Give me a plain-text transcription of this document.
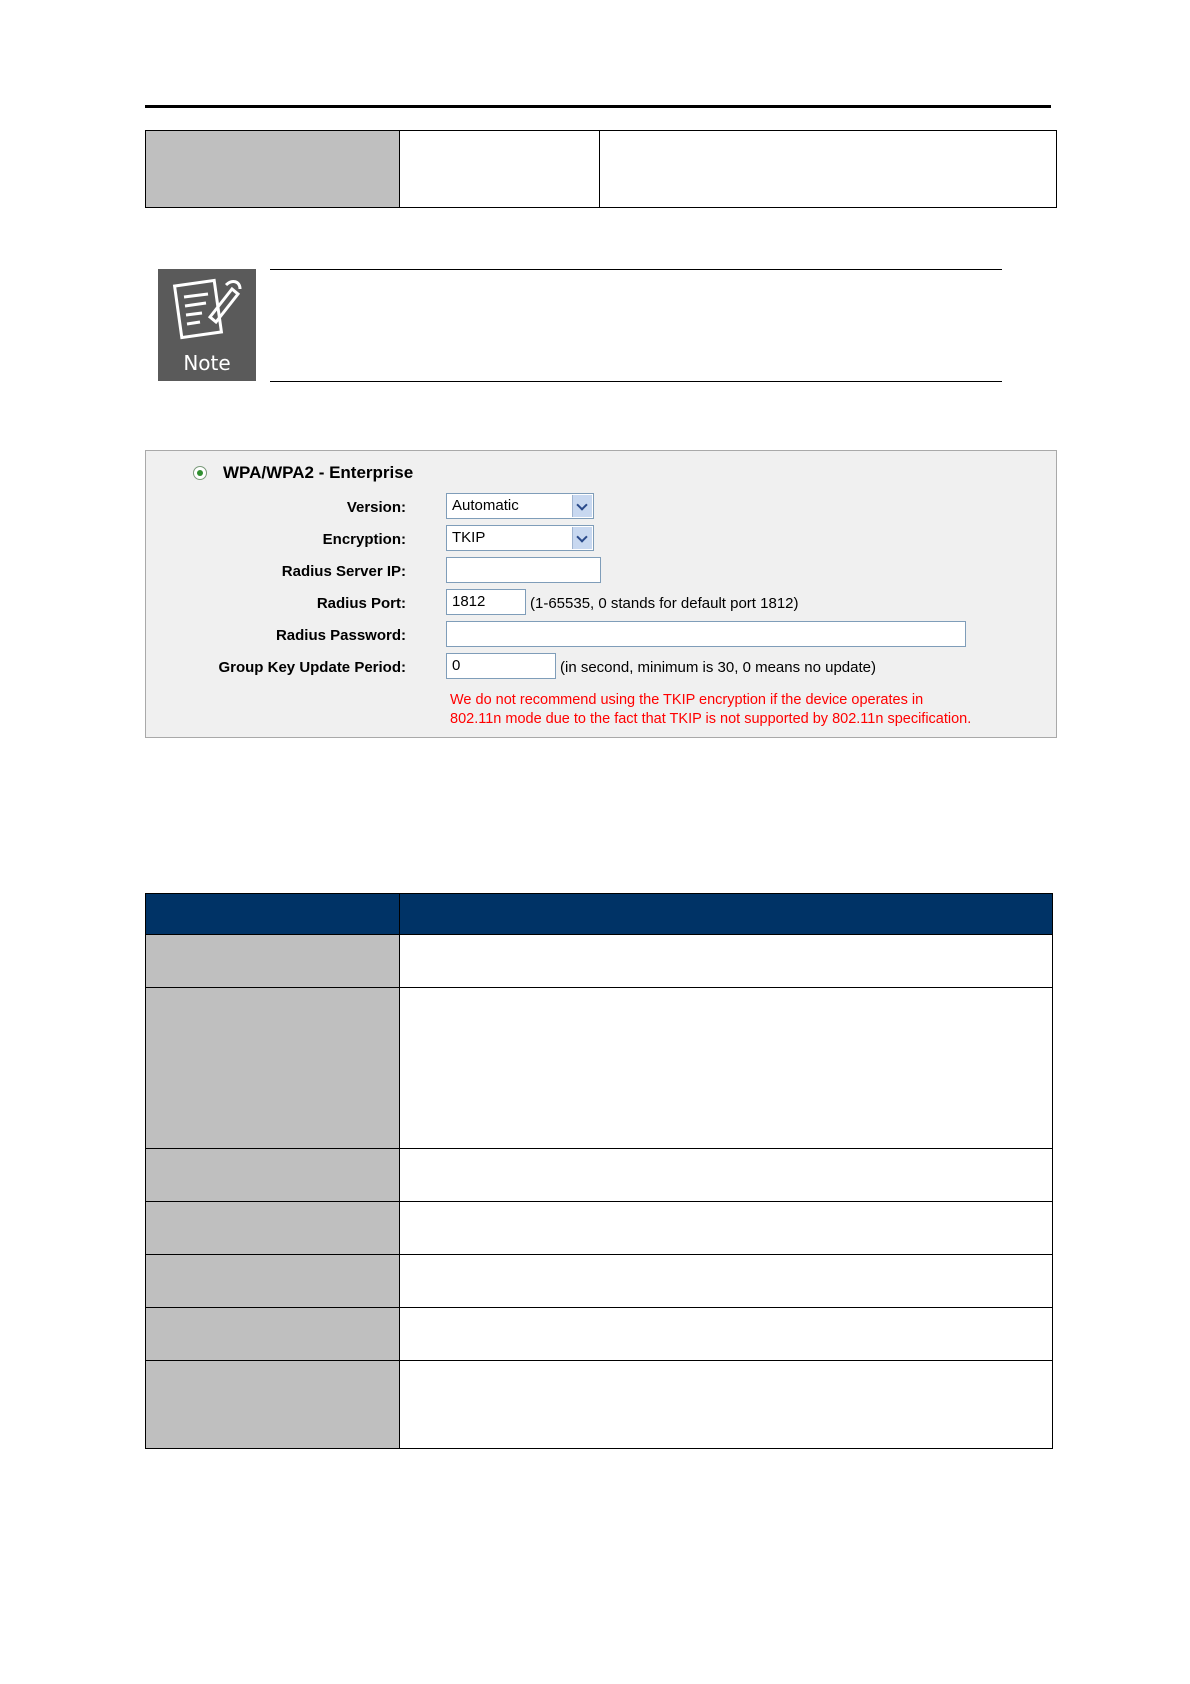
Note
WPA/WPA2 - Enterprise
Version:	Automatic
Encryption:	TKIP
Radius Server IP:
Radius Port:	1812	(1-65535, 0 stands for default port 1812)
Radius Password:
Group Key Update Period:	0	(in second, minimum is 30, 0 means no update)
We do not recommend using the TKIP encryption if the device operates in
802.11n mode due to the fact that TKIP is not supported by 802.11n specification.
